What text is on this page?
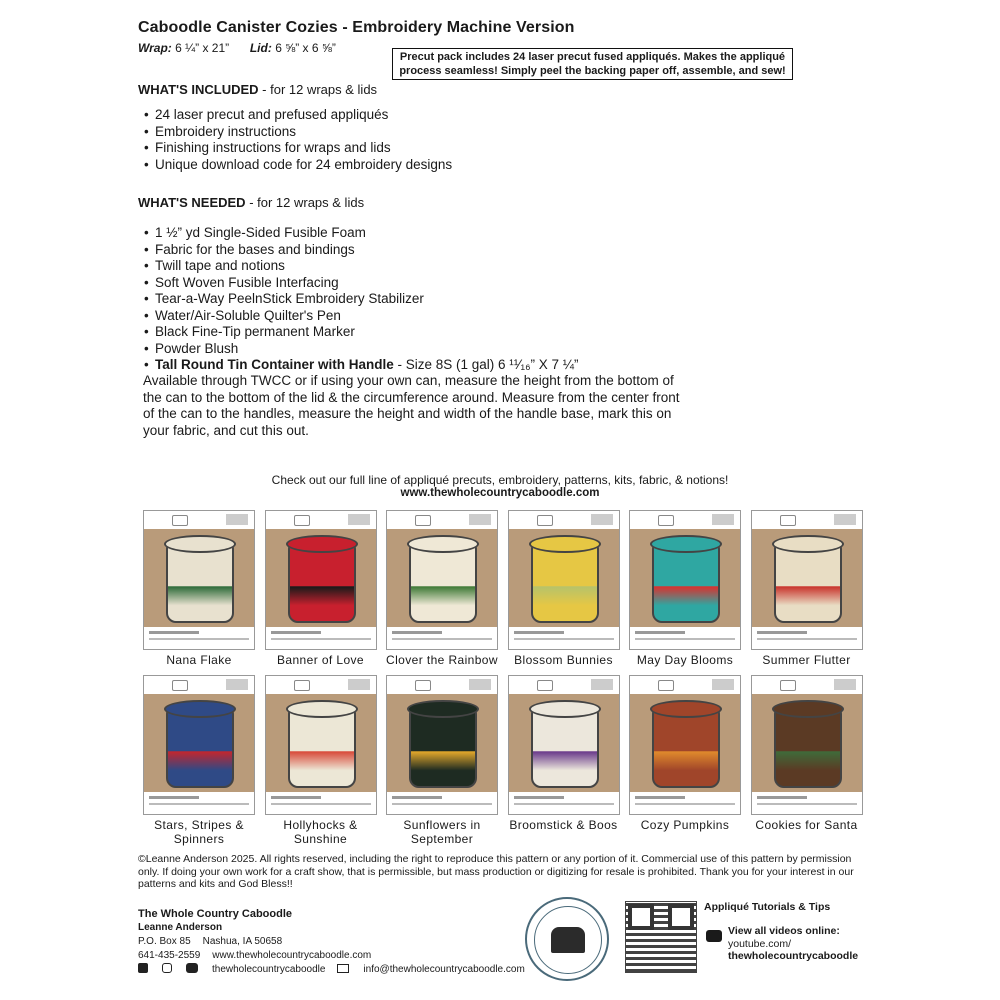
Caboodle Canister Cozies - Embroidery Machine Version
Wrap: 6 ¼” x 21” Lid: 6 ⅝” x 6 ⅝”
Precut pack includes 24 laser precut fused appliqués. Makes the appliqué process seamless! Simply peel the backing paper off, assemble, and sew!
WHAT'S INCLUDED - for 12 wraps & lids
• 24 laser precut and prefused appliqués
• Embroidery instructions
• Finishing instructions for wraps and lids
• Unique download code for 24 embroidery designs
WHAT'S NEEDED - for 12 wraps & lids
• 1 ½” yd Single-Sided Fusible Foam
• Fabric for the bases and bindings
• Twill tape and notions
• Soft Woven Fusible Interfacing
• Tear-a-Way PeelnStick Embroidery Stabilizer
• Water/Air-Soluble Quilter's Pen
• Black Fine-Tip permanent Marker
• Powder Blush
• Tall Round Tin Container with Handle - Size 8S (1 gal) 6 ¹¹⁄₁₆” X 7 ¼”
Available through TWCC or if using your own can, measure the height from the bottom of the can to the bottom of the lid & the circumference around. Measure from the center front of the can to the handles, measure the height and width of the handle base, mark this on your fabric, and cut this out.
Check out our full line of appliqué precuts, embroidery, patterns, kits, fabric, & notions!
www.thewholecountrycaboodle.com
Nana Flake	Banner of Love	Clover the Rainbow	Blossom Bunnies	May Day Blooms	Summer Flutter
Stars, Stripes & Spinners
Hollyhocks & Sunshine
Sunflowers in September
Broomstick & Boos	Cozy Pumpkins	Cookies for Santa
©Leanne Anderson 2025. All rights reserved, including the right to reproduce this pattern or any portion of it. Commercial use of this pattern by permission only. If doing your own work for a craft show, that is permissible, but mass production or digitizing for resale is prohibited. Thank you for your interest in our patterns and kits and God Bless!!
The Whole Country Caboodle
Leanne Anderson
P.O. Box 85 Nashua, IA 50658
641-435-2559 www.thewholecountrycaboodle.com
thewholecountrycaboodle	info@thewholecountrycaboodle.com
Appliqué Tutorials & Tips
View all videos online:
youtube.com/
thewholecountrycaboodle
